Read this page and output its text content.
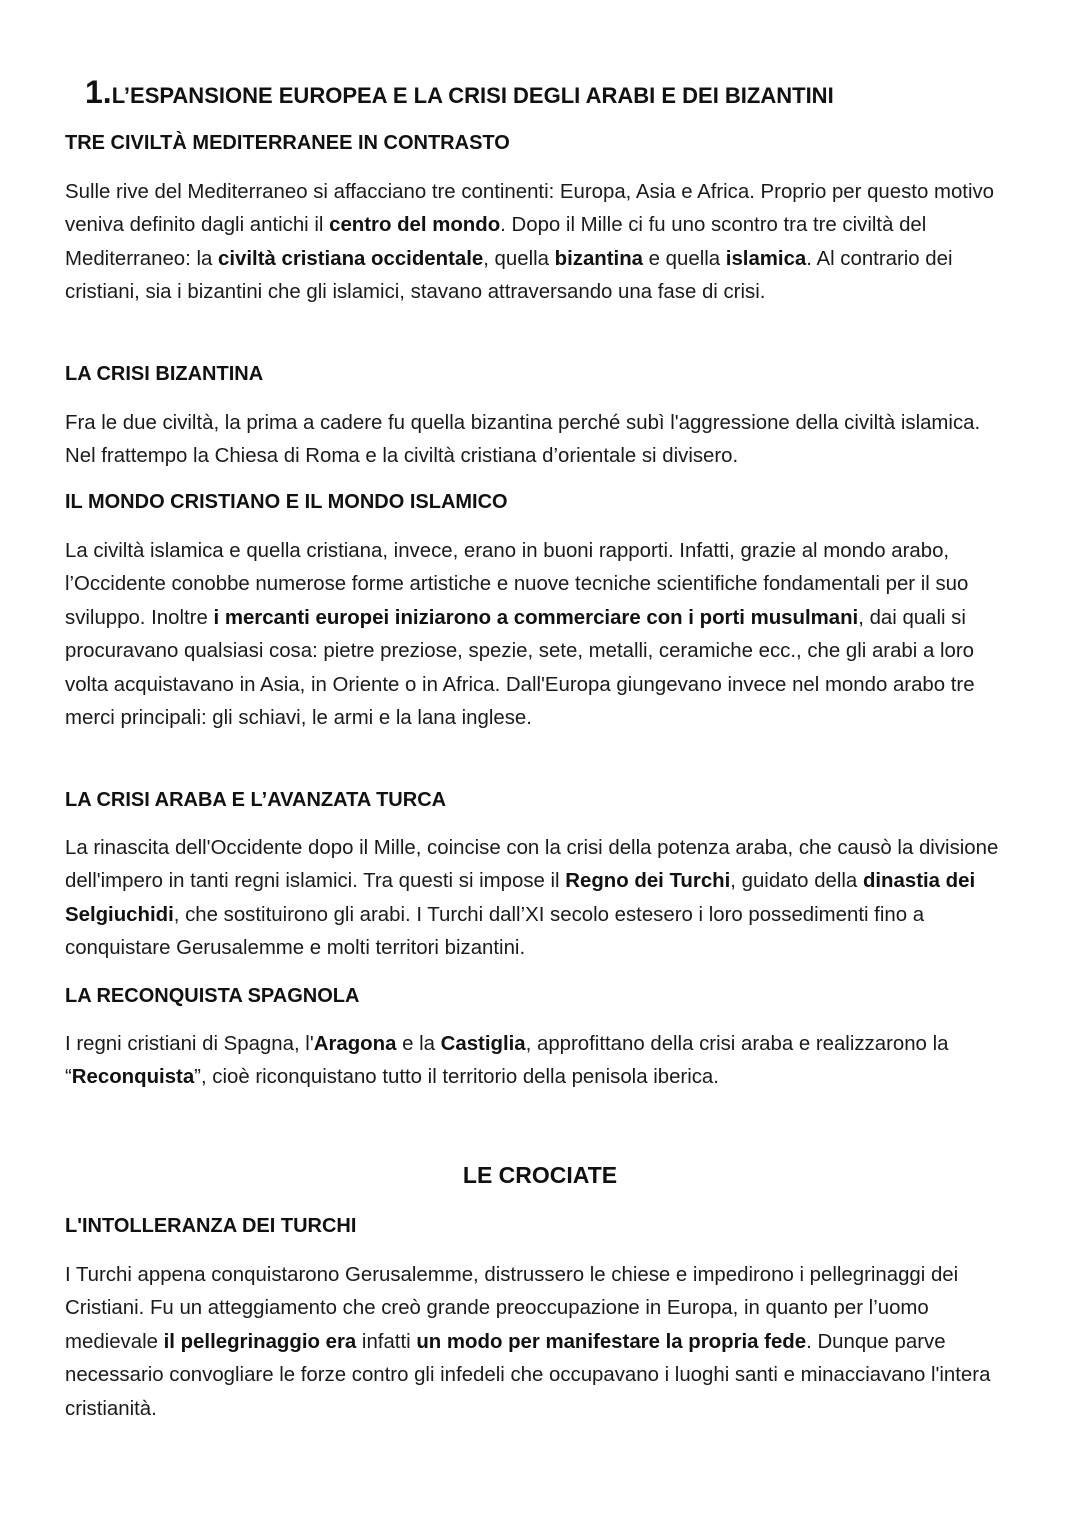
1.L’ESPANSIONE EUROPEA E LA CRISI DEGLI ARABI E DEI BIZANTINI
TRE CIVILTÀ MEDITERRANEE IN CONTRASTO

Sulle rive del Mediterraneo si affacciano tre continenti: Europa, Asia e Africa. Proprio per questo motivo veniva definito dagli antichi il centro del mondo. Dopo il Mille ci fu uno scontro tra tre civiltà del Mediterraneo: la civiltà cristiana occidentale, quella bizantina e quella islamica. Al contrario dei cristiani, sia i bizantini che gli islamici, stavano attraversando una fase di crisi.

LA CRISI BIZANTINA

Fra le due civiltà, la prima a cadere fu quella bizantina perché subì l'aggressione della civiltà islamica. Nel frattempo la Chiesa di Roma e la civiltà cristiana d’orientale si divisero.

IL MONDO CRISTIANO E IL MONDO ISLAMICO

La civiltà islamica e quella cristiana, invece, erano in buoni rapporti. Infatti, grazie al mondo arabo, l’Occidente conobbe numerose forme artistiche e nuove tecniche scientifiche fondamentali per il suo sviluppo. Inoltre i mercanti europei iniziarono a commerciare con i porti musulmani, dai quali si procuravano qualsiasi cosa: pietre preziose, spezie, sete, metalli, ceramiche ecc., che gli arabi a loro volta acquistavano in Asia, in Oriente o in Africa. Dall'Europa giungevano invece nel mondo arabo tre merci principali: gli schiavi, le armi e la lana inglese.

LA CRISI ARABA E L’AVANZATA TURCA

La rinascita dell'Occidente dopo il Mille, coincise con la crisi della potenza araba, che causò la divisione dell'impero in tanti regni islamici. Tra questi si impose il Regno dei Turchi, guidato della dinastia dei Selgiuchidi, che sostituirono gli arabi. I Turchi dall’XI secolo estesero i loro possedimenti fino a conquistare Gerusalemme e molti territori bizantini.

LA RECONQUISTA SPAGNOLA

I regni cristiani di Spagna, l'Aragona e la Castiglia, approfittano della crisi araba e realizzarono la “Reconquista”, cioè riconquistano tutto il territorio della penisola iberica.

LE CROCIATE
L'INTOLLERANZA DEI TURCHI

I Turchi appena conquistarono Gerusalemme, distrussero le chiese e impedirono i pellegrinaggi dei Cristiani. Fu un atteggiamento che creò grande preoccupazione in Europa, in quanto per l’uomo medievale il pellegrinaggio era infatti un modo per manifestare la propria fede. Dunque parve necessario convogliare le forze contro gli infedeli che occupavano i luoghi santi e minacciavano l'intera cristianità.
